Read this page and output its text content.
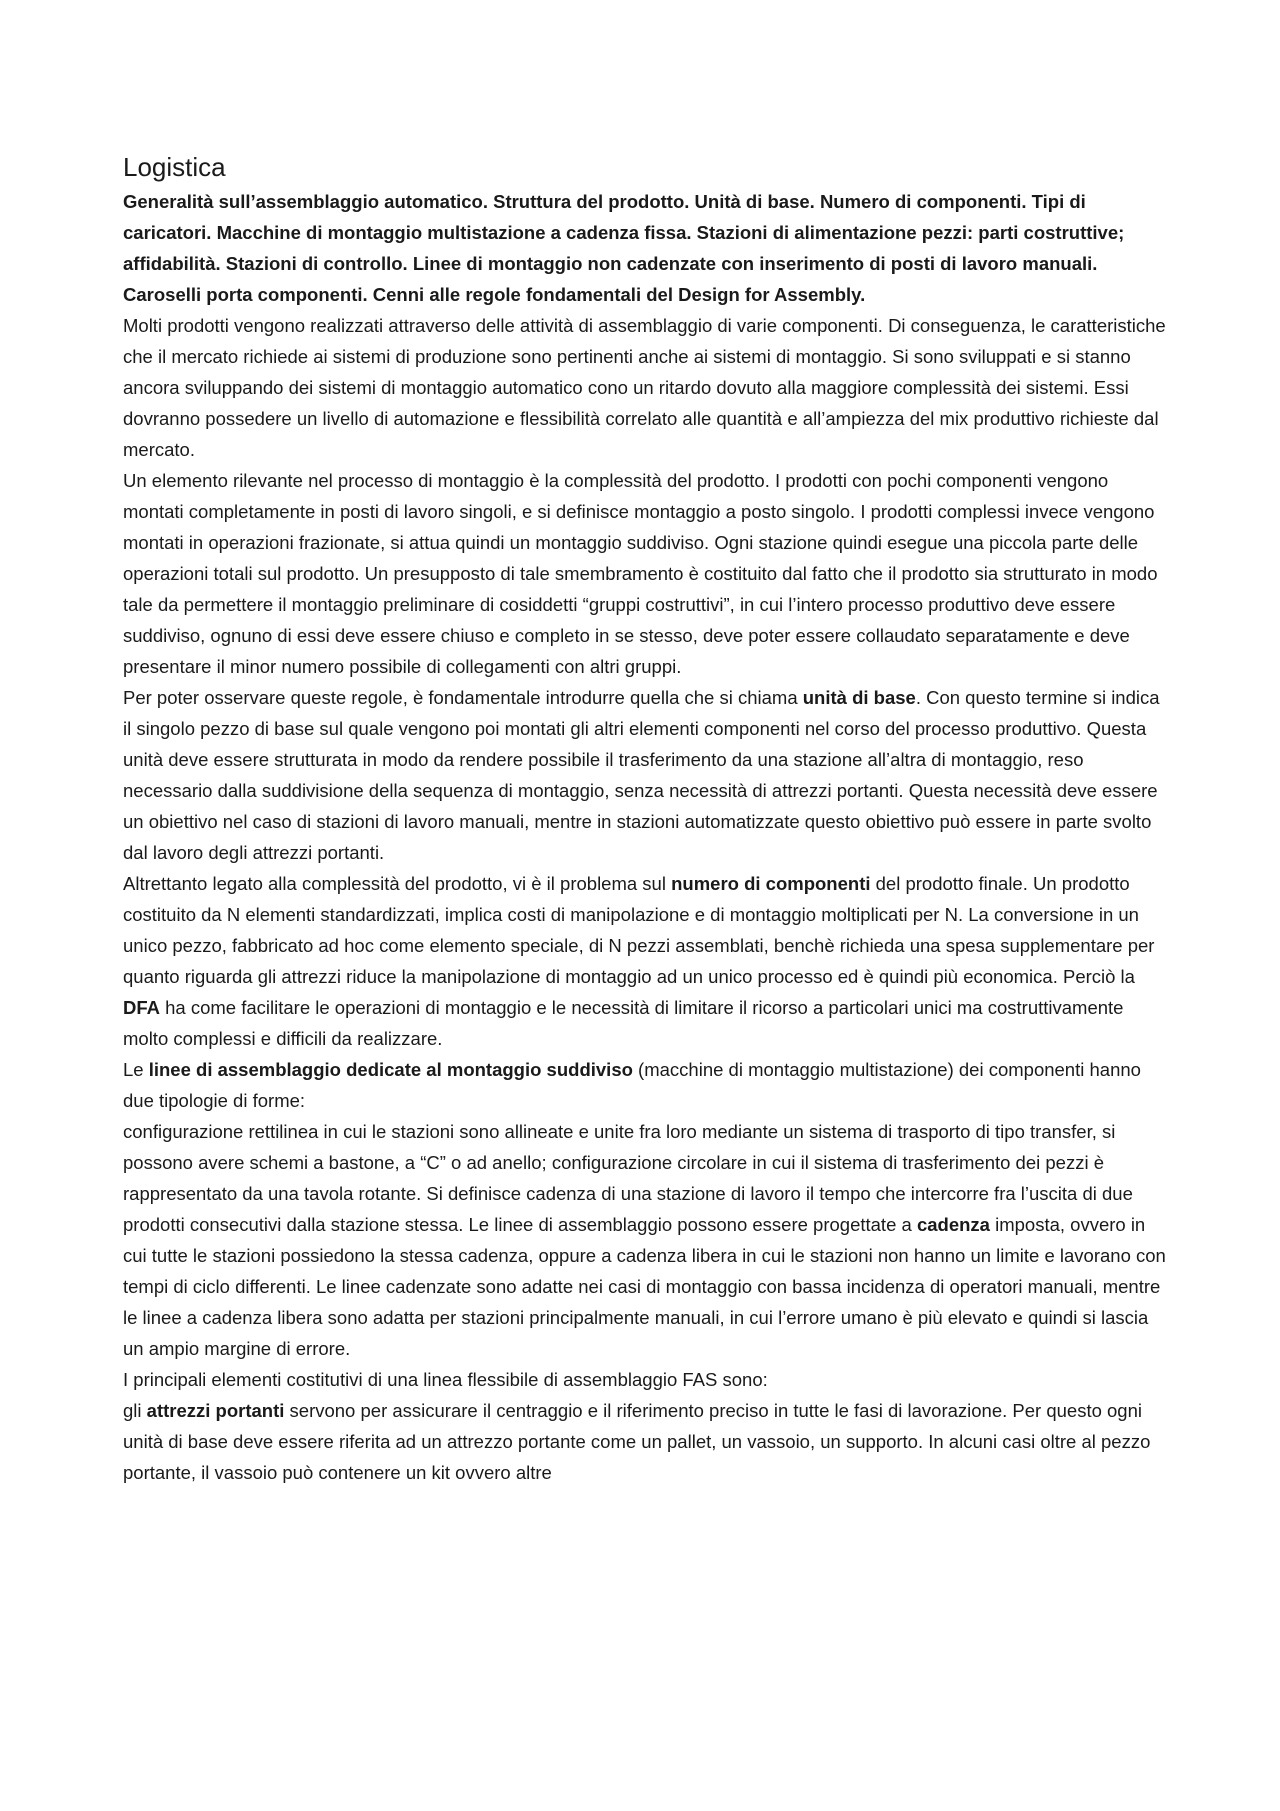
Logistica

Generalità sull’assemblaggio automatico. Struttura del prodotto. Unità di base. Numero di componenti. Tipi di caricatori. Macchine di montaggio multistazione a cadenza fissa. Stazioni di alimentazione pezzi: parti costruttive; affidabilità. Stazioni di controllo. Linee di montaggio non cadenzate con inserimento di posti di lavoro manuali. Caroselli porta componenti. Cenni alle regole fondamentali del Design for Assembly.

Molti prodotti vengono realizzati attraverso delle attività di assemblaggio di varie componenti. Di conseguenza, le caratteristiche che il mercato richiede ai sistemi di produzione sono pertinenti anche ai sistemi di montaggio. Si sono sviluppati e si stanno ancora sviluppando dei sistemi di montaggio automatico cono un ritardo dovuto alla maggiore complessità dei sistemi. Essi dovranno possedere un livello di automazione e flessibilità correlato alle quantità e all’ampiezza del mix produttivo richieste dal mercato.

Un elemento rilevante nel processo di montaggio è la complessità del prodotto. I prodotti con pochi componenti vengono montati completamente in posti di lavoro singoli, e si definisce montaggio a posto singolo. I prodotti complessi invece vengono montati in operazioni frazionate, si attua quindi un montaggio suddiviso. Ogni stazione quindi esegue una piccola parte delle operazioni totali sul prodotto. Un presupposto di tale smembramento è costituito dal fatto che il prodotto sia strutturato in modo tale da permettere il montaggio preliminare di cosiddetti “gruppi costruttivi”, in cui l’intero processo produttivo deve essere suddiviso, ognuno di essi deve essere chiuso e completo in se stesso, deve poter essere collaudato separatamente e deve presentare il minor numero possibile di collegamenti con altri gruppi.

Per poter osservare queste regole, è fondamentale introdurre quella che si chiama unità di base. Con questo termine si indica il singolo pezzo di base sul quale vengono poi montati gli altri elementi componenti nel corso del processo produttivo. Questa unità deve essere strutturata in modo da rendere possibile il trasferimento da una stazione all’altra di montaggio, reso necessario dalla suddivisione della sequenza di montaggio, senza necessità di attrezzi portanti. Questa necessità deve essere un obiettivo nel caso di stazioni di lavoro manuali, mentre in stazioni automatizzate questo obiettivo può essere in parte svolto dal lavoro degli attrezzi portanti.

Altrettanto legato alla complessità del prodotto, vi è il problema sul numero di componenti del prodotto finale. Un prodotto costituito da N elementi standardizzati, implica costi di manipolazione e di montaggio moltiplicati per N. La conversione in un unico pezzo, fabbricato ad hoc come elemento speciale, di N pezzi assemblati, benchè richieda una spesa supplementare per quanto riguarda gli attrezzi riduce la manipolazione di montaggio ad un unico processo ed è quindi più economica. Perciò la DFA ha come facilitare le operazioni di montaggio e le necessità di limitare il ricorso a particolari unici ma costruttivamente molto complessi e difficili da realizzare.

Le linee di assemblaggio dedicate al montaggio suddiviso (macchine di montaggio multistazione) dei componenti hanno due tipologie di forme:

configurazione rettilinea in cui le stazioni sono allineate e unite fra loro mediante un sistema di trasporto di tipo transfer, si possono avere schemi a bastone, a “C” o ad anello; configurazione circolare in cui il sistema di trasferimento dei pezzi è rappresentato da una tavola rotante. Si definisce cadenza di una stazione di lavoro il tempo che intercorre fra l’uscita di due prodotti consecutivi dalla stazione stessa. Le linee di assemblaggio possono essere progettate a cadenza imposta, ovvero in cui tutte le stazioni possiedono la stessa cadenza, oppure a cadenza libera in cui le stazioni non hanno un limite e lavorano con tempi di ciclo differenti. Le linee cadenzate sono adatte nei casi di montaggio con bassa incidenza di operatori manuali, mentre le linee a cadenza libera sono adatta per stazioni principalmente manuali, in cui l’errore umano è più elevato e quindi si lascia un ampio margine di errore.

I principali elementi costitutivi di una linea flessibile di assemblaggio FAS sono:

gli attrezzi portanti servono per assicurare il centraggio e il riferimento preciso in tutte le fasi di lavorazione. Per questo ogni unità di base deve essere riferita ad un attrezzo portante come un pallet, un vassoio, un supporto. In alcuni casi oltre al pezzo portante, il vassoio può contenere un kit ovvero altre
